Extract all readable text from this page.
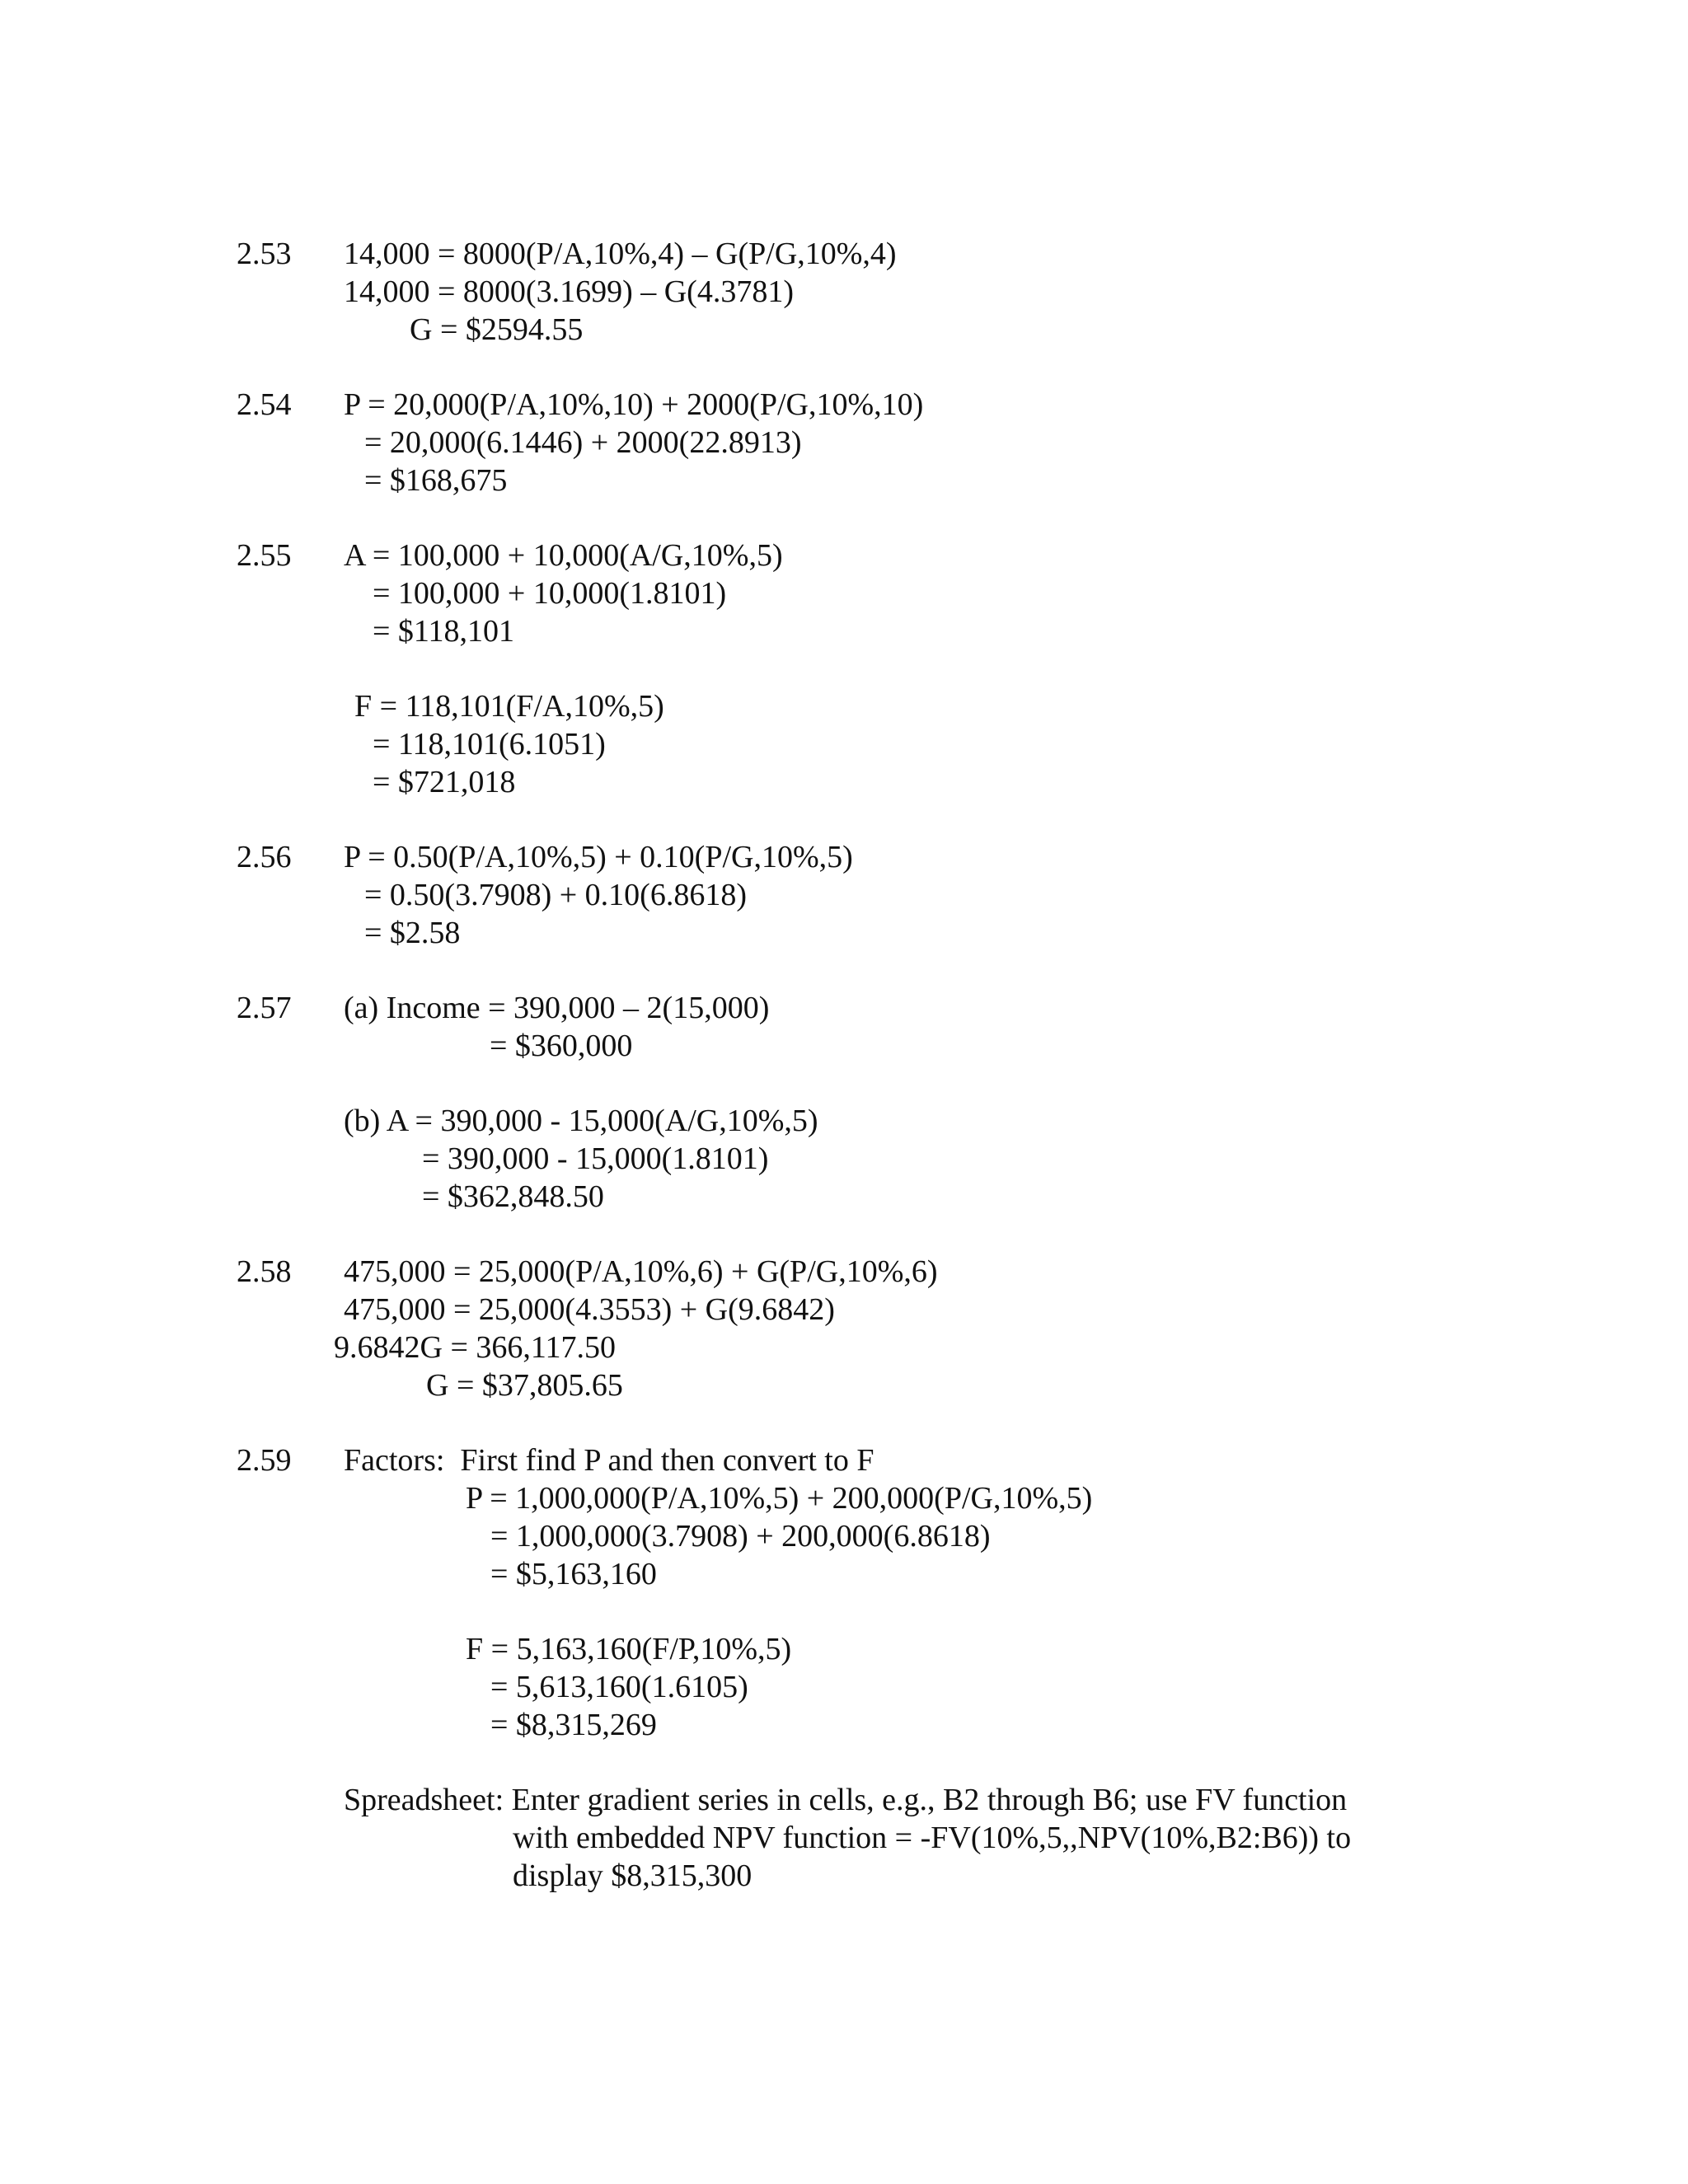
2.53 14,000 = 8000(P/A,10%,4) – G(P/G,10%,4)
14,000 = 8000(3.1699) – G(4.3781)
G = $2594.55
2.54 P = 20,000(P/A,10%,10) + 2000(P/G,10%,10)
= 20,000(6.1446) + 2000(22.8913)
= $168,675
2.55 A = 100,000 + 10,000(A/G,10%,5)
= 100,000 + 10,000(1.8101)
= $118,101
F = 118,101(F/A,10%,5)
= 118,101(6.1051)
= $721,018
2.56 P = 0.50(P/A,10%,5) + 0.10(P/G,10%,5)
= 0.50(3.7908) + 0.10(6.8618)
= $2.58
2.57 (a) Income = 390,000 – 2(15,000)
= $360,000
(b) A = 390,000 - 15,000(A/G,10%,5)
= 390,000 - 15,000(1.8101)
= $362,848.50
2.58 475,000 = 25,000(P/A,10%,6) + G(P/G,10%,6)
475,000 = 25,000(4.3553) + G(9.6842)
9.6842G = 366,117.50
G = $37,805.65
2.59 Factors:  First find P and then convert to F
P = 1,000,000(P/A,10%,5) + 200,000(P/G,10%,5)
= 1,000,000(3.7908) + 200,000(6.8618)
= $5,163,160
F = 5,163,160(F/P,10%,5)
= 5,613,160(1.6105)
= $8,315,269
Spreadsheet: Enter gradient series in cells, e.g., B2 through B6; use FV function
with embedded NPV function = -FV(10%,5,,NPV(10%,B2:B6)) to
display $8,315,300
